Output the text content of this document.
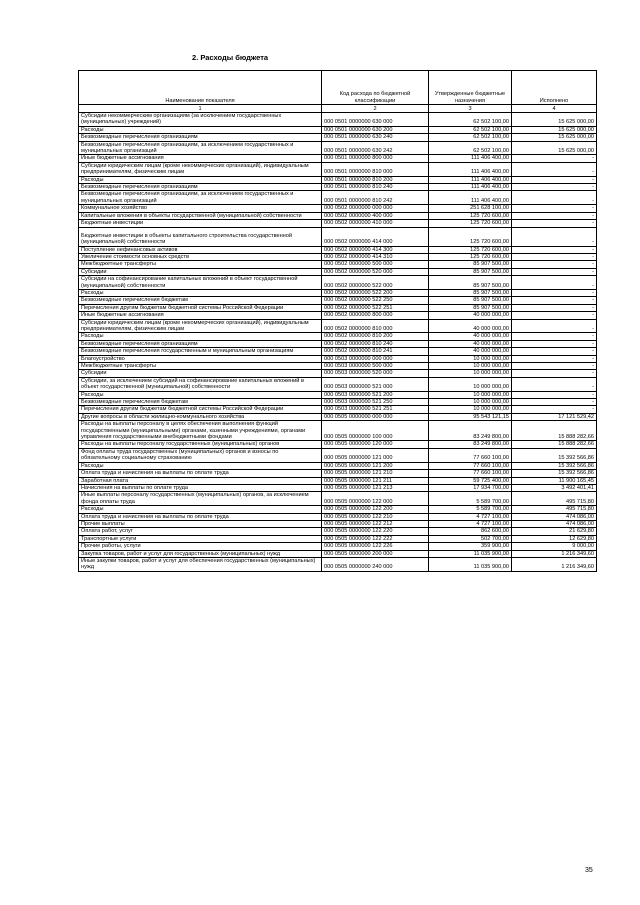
2. Расходы бюджета
Наименование показателя	Код расхода по бюджетной классификации	Утвержденные бюджетные назначения	Исполнено
1	2	3	4
Субсидии некоммерческим организациям (за исключением государственных (муниципальных) учреждений)	000 0501 0000000 630 000	62 502 100,00	15 625 000,00
Расходы	000 0501 0000000 630 200	62 502 100,00	15 625 000,00
Безвозмездные перечисления организациям	000 0501 0000000 630 240	62 502 100,00	15 625 000,00
Безвозмездные перечисления организациям, за исключением государственных и муниципальных организаций	000 0501 0000000 630 242	62 502 100,00	15 625 000,00
Иные бюджетные ассигнования	000 0501 0000000 800 000	111 406 400,00	-
Субсидии юридическим лицам (кроме некоммерческих организаций), индивидуальным предпринимателям, физическим лицам	000 0501 0000000 810 000	111 406 400,00	-
Расходы	000 0501 0000000 810 200	111 406 400,00	-
Безвозмездные перечисления организациям	000 0501 0000000 810 240	111 406 400,00	-
Безвозмездные перечисления организациям, за исключением государственных и муниципальных организаций	000 0501 0000000 810 242	111 406 400,00	-
Коммунальное хозяйство	000 0502 0000000 000 000	251 628 100,00	-
Капитальные вложения в объекты государственной (муниципальной) собственности	000 0502 0000000 400 000	125 720 600,00	-
Бюджетные инвестиции	000 0502 0000000 410 000	125 720 600,00	-
Бюджетные инвестиции в объекты капитального строительства государственной (муниципальной) собственности	000 0502 0000000 414 000	125 720 600,00	-
Поступление нефинансовых активов	000 0502 0000000 414 300	125 720 600,00	-
Увеличение стоимости основных средств	000 0502 0000000 414 310	125 720 600,00	-
Межбюджетные трансферты	000 0502 0000000 500 000	85 907 500,00	-
Субсидии	000 0502 0000000 520 000	85 907 500,00	-
Субсидии на софинансирование капитальных вложений в объект государственной (муниципальной) собственности	000 0502 0000000 522 000	85 907 500,00	-
Расходы	000 0502 0000000 522 200	85 907 500,00	-
Безвозмездные перечисления бюджетам	000 0502 0000000 522 250	85 907 500,00	-
Перечисления другим бюджетам бюджетной системы Российской Федерации	000 0502 0000000 522 251	85 907 500,00	-
Иные бюджетные ассигнования	000 0502 0000000 800 000	40 000 000,00	-
Субсидии юридическим лицам (кроме некоммерческих организаций), индивидуальным предпринимателям, физическим лицам	000 0502 0000000 810 000	40 000 000,00	-
Расходы	000 0502 0000000 810 200	40 000 000,00	-
Безвозмездные перечисления организациям	000 0502 0000000 810 240	40 000 000,00	-
Безвозмездные перечисления государственным и муниципальным организациям	000 0502 0000000 810 241	40 000 000,00	-
Благоустройство	000 0503 0000000 000 000	10 000 000,00	-
Межбюджетные трансферты	000 0503 0000000 500 000	10 000 000,00	-
Субсидии	000 0503 0000000 520 000	10 000 000,00	-
Субсидии, за исключением субсидий на софинансирование капитальных вложений в объект государственной (муниципальной) собственности	000 0503 0000000 521 000	10 000 000,00	-
Расходы	000 0503 0000000 521 200	10 000 000,00	-
Безвозмездные перечисления бюджетам	000 0503 0000000 521 250	10 000 000,00	-
Перечисления другим бюджетам бюджетной системы Российской Федерации	000 0503 0000000 521 251	10 000 000,00	-
Другие вопросы в области жилищно-коммунального хозяйства	000 0505 0000000 000 000	95 543 121,15	17 121 529,42
Расходы на выплаты персоналу в целях обеспечения выполнения функций государственными (муниципальными) органами, казенными учреждениями, органами управления государственными внебюджетными фондами	000 0505 0000000 100 000	83 249 800,00	15 888 282,66
Расходы на выплаты персоналу государственных (муниципальных) органов	000 0505 0000000 120 000	83 249 800,00	15 888 282,66
Фонд оплаты труда государственных (муниципальных) органов и взносы по обязательному социальному страхованию	000 0505 0000000 121 000	77 660 100,00	15 392 566,86
Расходы	000 0505 0000000 121 200	77 660 100,00	15 392 566,86
Оплата труда и начисления на выплаты по оплате труда	000 0505 0000000 121 210	77 660 100,00	15 392 566,86
Заработная плата	000 0505 0000000 121 211	59 725 400,00	11 900 165,45
Начисления на выплаты по оплате труда	000 0505 0000000 121 213	17 934 700,00	3 492 401,41
Иные выплаты персоналу государственных (муниципальных) органов, за исключением фонда оплаты труда	000 0505 0000000 122 000	5 589 700,00	495 715,80
Расходы	000 0505 0000000 122 200	5 589 700,00	495 715,80
Оплата труда и начисления на выплаты по оплате труда	000 0505 0000000 122 210	4 727 100,00	474 086,00
Прочие выплаты	000 0505 0000000 122 212	4 727 100,00	474 086,00
Оплата работ, услуг	000 0505 0000000 122 220	862 600,00	21 629,80
Транспортные услуги	000 0505 0000000 122 222	502 700,00	12 629,80
Прочие работы, услуги	000 0505 0000000 122 226	359 900,00	9 000,00
Закупка товаров, работ и услуг для государственных (муниципальных) нужд	000 0505 0000000 200 000	11 035 900,00	1 216 349,60
Иные закупки товаров, работ и услуг для обеспечения государственных (муниципальных) нужд	000 0505 0000000 240 000	11 035 900,00	1 216 349,60
35
